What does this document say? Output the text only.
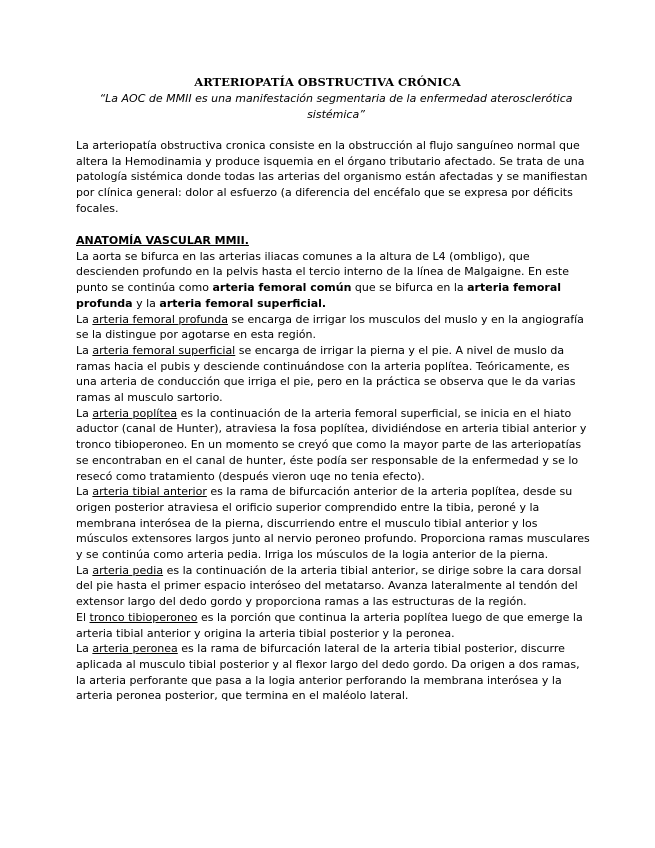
ARTERIOPATÍA OBSTRUCTIVA CRÓNICA
“La AOC de MMII es una manifestación segmentaria de la enfermedad aterosclerótica sistémica”
La arteriopatía obstructiva cronica consiste en la obstrucción al flujo sanguíneo normal que altera la Hemodinamia y produce isquemia en el órgano tributario afectado. Se trata de una patología sistémica donde todas las arterias del organismo están afectadas y se manifiestan por clínica general: dolor al esfuerzo (a diferencia del encéfalo que se expresa por déficits focales.
ANATOMÍA VASCULAR MMII.

La aorta se bifurca en las arterias iliacas comunes a la altura de L4 (ombligo), que descienden profundo en la pelvis hasta el tercio interno de la línea de Malgaigne. En este punto se continúa como arteria femoral común que se bifurca en la arteria femoral profunda y la arteria femoral superficial.

La arteria femoral profunda se encarga de irrigar los musculos del muslo y en la angiografía se la distingue por agotarse en esta región.

La arteria femoral superficial se encarga de irrigar la pierna y el pie. A nivel de muslo da ramas hacia el pubis y desciende continuándose con la arteria poplítea. Teóricamente, es una arteria de conducción que irriga el pie, pero en la práctica se observa que le da varias ramas al musculo sartorio.

La arteria poplítea es la continuación de la arteria femoral superficial, se inicia en el hiato aductor (canal de Hunter), atraviesa la fosa poplítea, dividiéndose en arteria tibial anterior y tronco tibioperoneo. En un momento se creyó que como la mayor parte de las arteriopatías se encontraban en el canal de hunter, éste podía ser responsable de la enfermedad y se lo resecó como tratamiento (después vieron uqe no tenia efecto).

La arteria tibial anterior es la rama de bifurcación anterior de la arteria poplítea, desde su origen posterior atraviesa el orificio superior comprendido entre la tibia, peroné y la membrana interósea de la pierna, discurriendo entre el musculo tibial anterior y los músculos extensores largos junto al nervio peroneo profundo. Proporciona ramas musculares y se continúa como arteria pedia. Irriga los músculos de la logia anterior de la pierna.

La arteria pedia es la continuación de la arteria tibial anterior, se dirige sobre la cara dorsal del pie hasta el primer espacio interóseo del metatarso. Avanza lateralmente al tendón del extensor largo del dedo gordo y proporciona ramas a las estructuras de la región.

El tronco tibioperoneo es la porción que continua la arteria poplítea luego de que emerge la arteria tibial anterior y origina la arteria tibial posterior y la peronea.

La arteria peronea es la rama de bifurcación lateral de la arteria tibial posterior, discurre aplicada al musculo tibial posterior y al flexor largo del dedo gordo. Da origen a dos ramas, la arteria perforante que pasa a la logia anterior perforando la membrana interósea y la arteria peronea posterior, que termina en el maléolo lateral.
